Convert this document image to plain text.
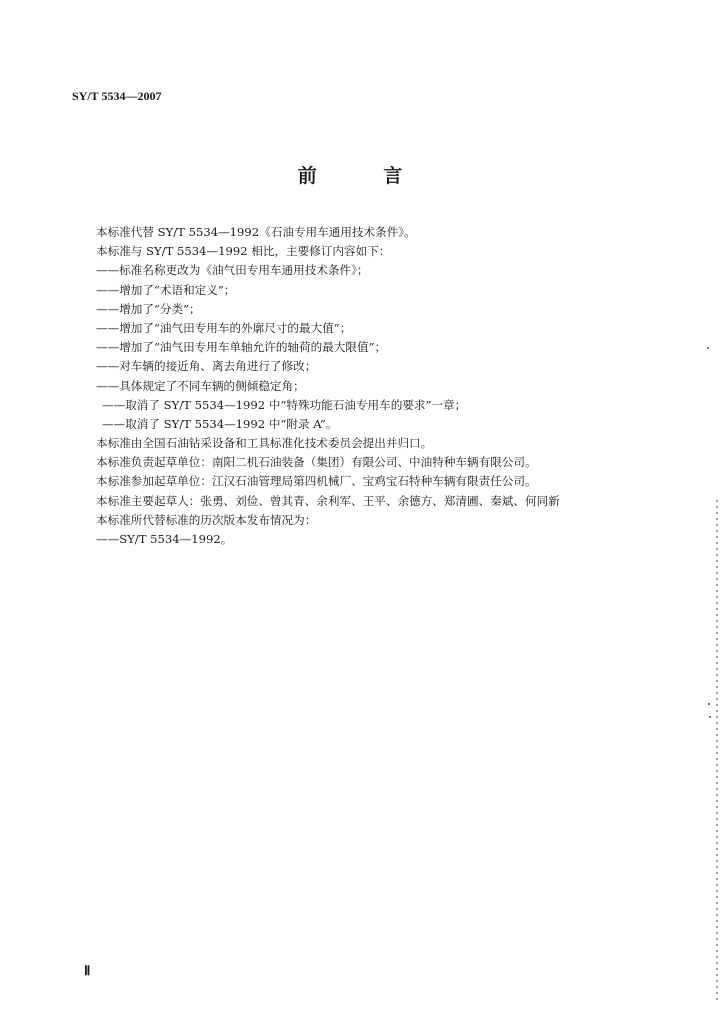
SY/T 5534—2007
前 言
本标准代替 SY/T 5534—1992《石油专用车通用技术条件》。
本标准与 SY/T 5534—1992 相比，主要修订内容如下：
——标准名称更改为《油气田专用车通用技术条件》；
——增加了“术语和定义”；
——增加了“分类”；
——增加了“油气田专用车的外廓尺寸的最大值”；
——增加了“油气田专用车单轴允许的轴荷的最大限值”；
——对车辆的接近角、离去角进行了修改；
——具体规定了不同车辆的侧倾稳定角；
——取消了 SY/T 5534—1992 中“特殊功能石油专用车的要求”一章；
——取消了 SY/T 5534—1992 中“附录 A”。
本标准由全国石油钻采设备和工具标准化技术委员会提出并归口。
本标准负责起草单位：南阳二机石油装备（集团）有限公司、中油特种车辆有限公司。
本标准参加起草单位：江汉石油管理局第四机械厂、宝鸡宝石特种车辆有限责任公司。
本标准主要起草人：张勇、刘俭、曾其青、余利军、王平、余德方、郑清圃、秦斌、何同新
本标准所代替标准的历次版本发布情况为：
——SY/T 5534—1992。
Ⅱ
